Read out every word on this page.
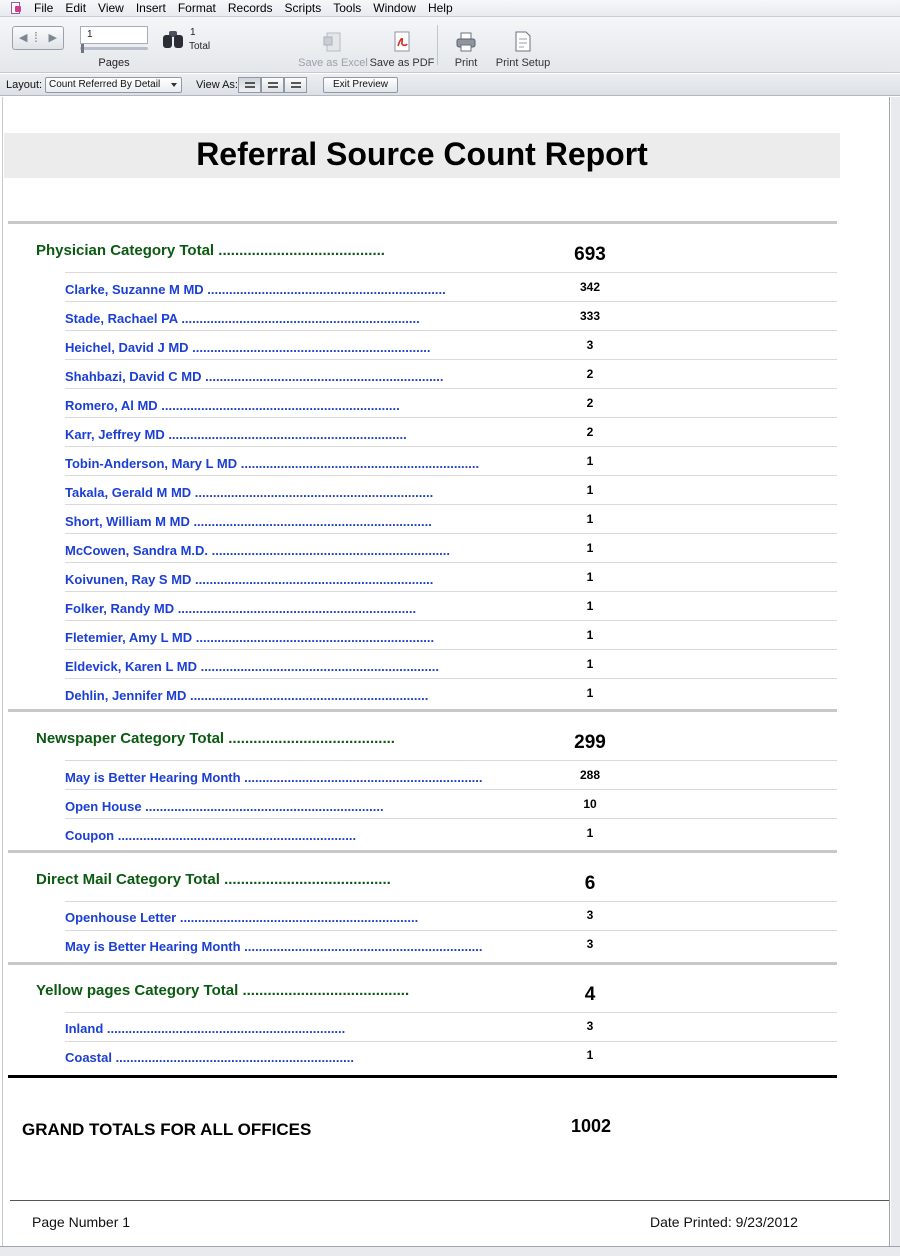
File	Edit	View	Insert	Format	Records	Scripts	Tools	Window	Help
◀ ⁞ ▶	1
Pages
1
Total
Save as Excel Save as PDF	Print	Print Setup
Layout: Count Referred By Detail	View As:	Exit Preview
Referral Source Count Report
Physician Category Total ........................................	693
Clarke, Suzanne M MD ..................................................................	342
Stade, Rachael PA ..................................................................	333
Heichel, David J MD ..................................................................	3
Shahbazi, David C MD ..................................................................	2
Romero, Al MD ..................................................................	2
Karr, Jeffrey MD ..................................................................	2
Tobin-Anderson, Mary L MD ..................................................................	1
Takala, Gerald M MD ..................................................................	1
Short, William M MD ..................................................................	1
McCowen, Sandra M.D. ..................................................................	1
Koivunen, Ray S MD ..................................................................	1
Folker, Randy MD ..................................................................	1
Fletemier, Amy L MD ..................................................................	1
Eldevick, Karen L MD ..................................................................	1
Dehlin, Jennifer MD ..................................................................	1
Newspaper Category Total ........................................	299
May is Better Hearing Month ..................................................................	288
Open House ..................................................................	10
Coupon ..................................................................	1
Direct Mail Category Total ........................................	6
Openhouse Letter ..................................................................	3
May is Better Hearing Month ..................................................................	3
Yellow pages Category Total ........................................	4
Inland ..................................................................	3
Coastal ..................................................................	1
GRAND TOTALS FOR ALL OFFICES	1002
Page Number 1	Date Printed: 9/23/2012
